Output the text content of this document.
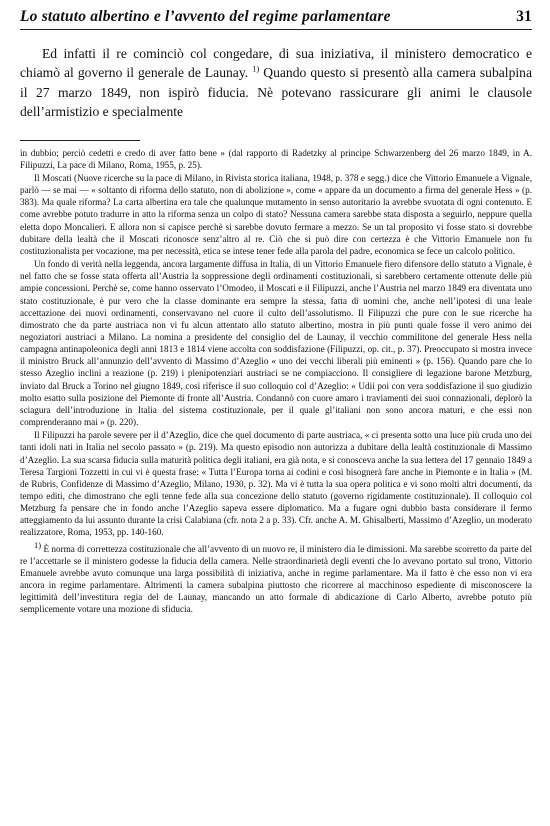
Lo statuto albertino e l’avvento del regime parlamentare	31

Ed infatti il re cominciò col congedare, di sua iniziativa, il ministero democratico e chiamò al governo il generale de Launay. $^{1)}$ Quando questo si presentò alla camera subalpina il 27 marzo 1849, non ispirò fiducia. Nè potevano rassicurare gli animi le clausole dell’armistizio e specialmente

in dubbio; perciò cedetti e credo di aver fatto bene » (dal rapporto di Radetzky al principe Schwarzenberg del 26 marzo 1849, in A. Filipuzzi, La pace di Milano, Roma, 1955, p. 25).

Il Moscati (Nuove ricerche su la pace di Milano, in Rivista storica italiana, 1948, p. 378 e segg.) dice che Vittorio Emanuele a Vignale, parlò — se mai — « soltanto di riforma dello statuto, non di abolizione », come « appare da un documento a firma del generale Hess » (p. 383). Ma quale riforma? La carta albertina era tale che qualunque mutamento in senso autoritario la avrebbe svuotata di ogni contenuto. E come avrebbe potuto tradurre in atto la riforma senza un colpo di stato? Nessuna camera sarebbe stata disposta a seguirlo, neppure quella eletta dopo Moncalieri. E allora non si capisce perchè si sarebbe dovuto fermare a mezzo. Se un tal proposito vi fosse stato si dovrebbe dubitare della lealtà che il Moscati riconosce senz’altro al re. Ciò che si può dire con certezza è che Vittorio Emanuele non fu costituzionalista per vocazione, ma per necessità, etica se intese tener fede alla parola del padre, economica se fece un calcolo politico.

Un fondo di verità nella leggenda, ancora largamente diffusa in Italia, di un Vittorio Emanuele fiero difensore dello statuto a Vignale, è nel fatto che se fosse stata offerta all’Austria la soppressione degli ordinamenti costituzionali, si sarebbero certamente ottenute delle più ampie concessioni. Perchè se, come hanno osservato l’Omodeo, il Moscati e il Filipuzzi, anche l’Austria nel marzo 1849 era diventata uno stato costituzionale, è pur vero che la classe dominante era sempre la stessa, fatta di uomini che, anche nell’ipotesi di una leale accettazione dei nuovi ordinamenti, conservavano nel cuore il culto dell’assolutismo. Il Filipuzzi che pure con le sue ricerche ha dimostrato che da parte austriaca non vi fu alcun attentato allo statuto albertino, mostra in più punti quale fosse il vero animo dei negoziatori austriaci a Milano. La nomina a presidente del consiglio del de Launay, il vecchio commilitone del generale Hess nella campagna antinapoleonica degli anni 1813 e 1814 viene accolta con soddisfazione (Filipuzzi, op. cit., p. 37). Preoccupato si mostra invece il ministro Bruck all’annunzio dell’avvento di Massimo d’Azeglio « uno dei vecchi liberali più eminenti » (p. 156). Quando pare che lo stesso Azeglio inclini a reazione (p. 219) i plenipotenziari austriaci se ne compiacciono. Il consigliere di legazione barone Metzburg, inviato dal Bruck a Torino nel giugno 1849, così riferisce il suo colloquio col d’Azeglio: « Udii poi con vera soddisfazione il suo giudizio molto esatto sulla posizione del Piemonte di fronte all’Austria. Condannò con cuore amaro i traviamenti dei suoi connazionali, deplorò la sciagura dell’introduzione in Italia del sistema costituzionale, per il quale gl’italiani non sono ancora maturi, e che essi non comprenderanno mai » (p. 220).

Il Filipuzzi ha parole severe per il d’Azeglio, dice che quel documento di parte austriaca, « ci presenta sotto una luce più cruda uno dei tanti idoli nati in Italia nel secolo passato » (p. 219). Ma questo episodio non autorizza a dubitare della lealtà costituzionale di Massimo d’Azeglio. La sua scarsa fiducia sulla maturità politica degli italiani, era già nota, e si conosceva anche la sua lettera del 17 gennaio 1849 a Teresa Targioni Tozzetti in cui vi è questa frase: « Tutta l’Europa torna ai codini e così bisognerà fare anche in Piemonte e in Italia » (M. de Rubris, Confidenze di Massimo d’Azeglio, Milano, 1930, p. 32). Ma vi è tutta la sua opera politica e vi sono molti altri documenti, da tempo editi, che dimostrano che egli tenne fede alla sua concezione dello statuto (governo rigidamente costituzionale). Il colloquio col Metzburg fa pensare che in fondo anche l’Azeglio sapeva essere diplomatico. Ma a fugare ogni dubbio basta considerare il fermo atteggiamento da lui assunto durante la crisi Calabiana (cfr. nota 2 a p. 33). Cfr. anche A. M. Ghisalberti, Massimo d’Azeglio, un moderato realizzatore, Roma, 1953, pp. 140-160.

1) È norma di correttezza costituzionale che all’avvento di un nuovo re, il ministero dia le dimissioni. Ma sarebbe scorretto da parte del re l’accettarle se il ministero godesse la fiducia della camera. Nelle straordinarietà degli eventi che lo avevano portato sul trono, Vittorio Emanuele avrebbe avuto comunque una larga possibilità di iniziativa, anche in regime parlamentare. Ma il fatto è che esso non vi era ancora in regime parlamentare. Altrimenti la camera subalpina piuttosto che ricorrere al macchinoso espediente di misconoscere la legittimità dell’investitura regia del de Launay, mancando un atto formale di abdicazione di Carlo Alberto, avrebbe potuto più semplicemente votare una mozione di sfiducia.
